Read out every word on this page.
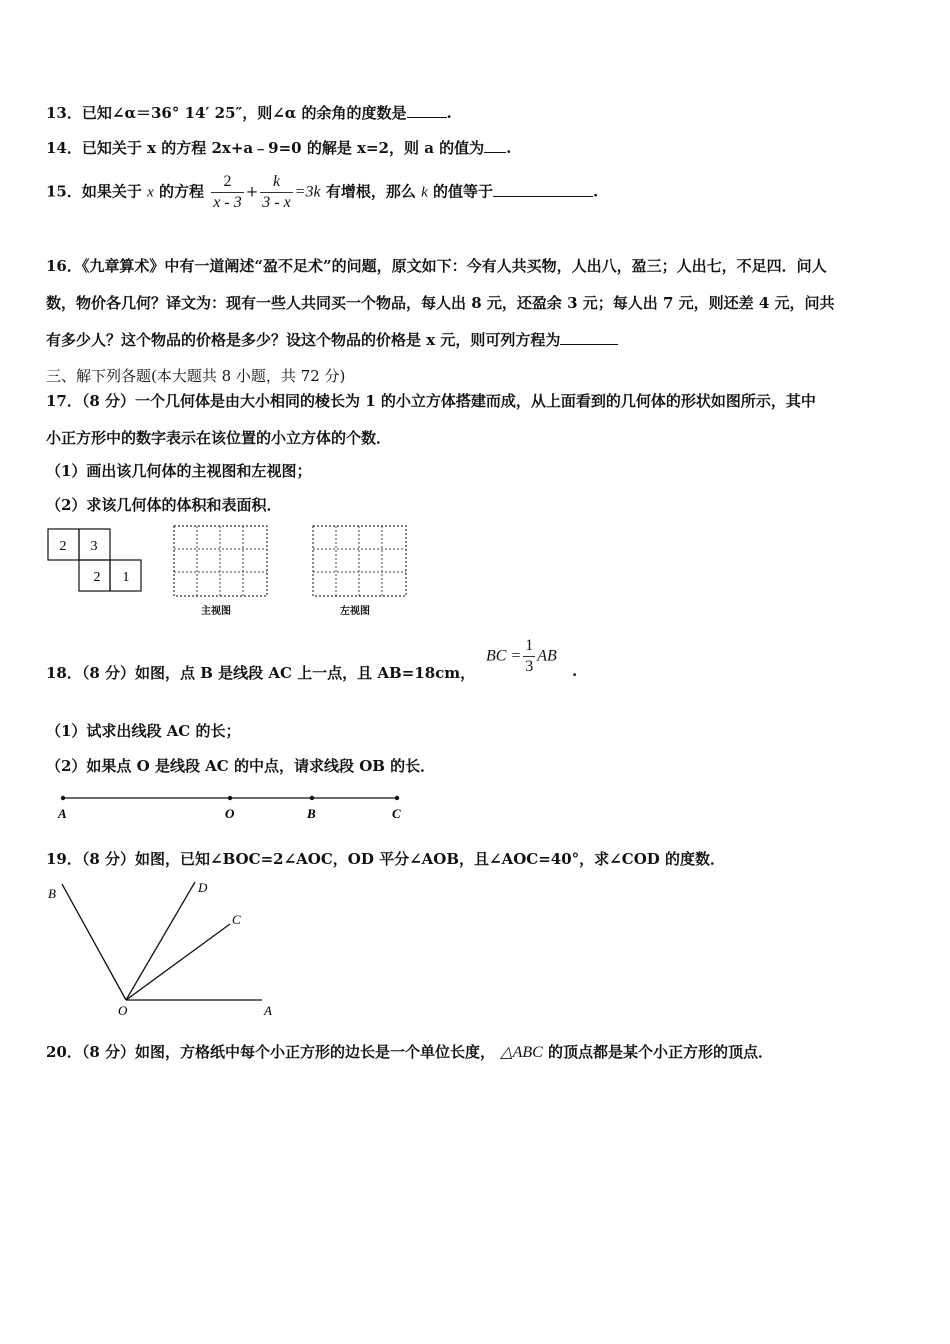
13．已知∠α＝36° 14′ 25″，则∠α 的余角的度数是	.
14．已知关于 x 的方程 2x+a﹣9=0 的解是 x=2，则 a 的值为 .
15．如果关于 x 的方程 $\frac{2}{x - 3} + \frac{k}{3 - x} =3k$ 有增根，那么 k 的值等于	.
16．《九章算术》中有一道阐述“盈不足术”的问题，原文如下：今有人共买物，人出八，盈三；人出七，不足四．问人
数，物价各几何？译文为：现有一些人共同买一个物品，每人出 8 元，还盈余 3 元；每人出 7 元，则还差 4 元，问共
有多少人？这个物品的价格是多少？设这个物品的价格是 x 元，则可列方程为
三、解下列各题(本大题共 8 小题，共 72 分)
17．（8 分）一个几何体是由大小相同的棱长为 1 的小立方体搭建而成，从上面看到的几何体的形状如图所示，其中
小正方形中的数字表示在该位置的小立方体的个数．
（1）画出该几何体的主视图和左视图；
（2）求该几何体的体积和表面积．
2 3
2 1
主视图	左视图
18．（8 分）如图，点 B 是线段 AC 上一点，且 AB=18cm，
BC = $\frac{1}{3}$ AB
.
（1）试求出线段 AC 的长；
（2）如果点 O 是线段 AC 的中点，请求线段 OB 的长．
A	O	B	C
19．（8 分）如图，已知∠BOC=2∠AOC，OD 平分∠AOB，且∠AOC=40°，求∠COD 的度数．
B	D
C
O	A
20．（8 分）如图，方格纸中每个小正方形的边长是一个单位长度， △ABC 的顶点都是某个小正方形的顶点．
